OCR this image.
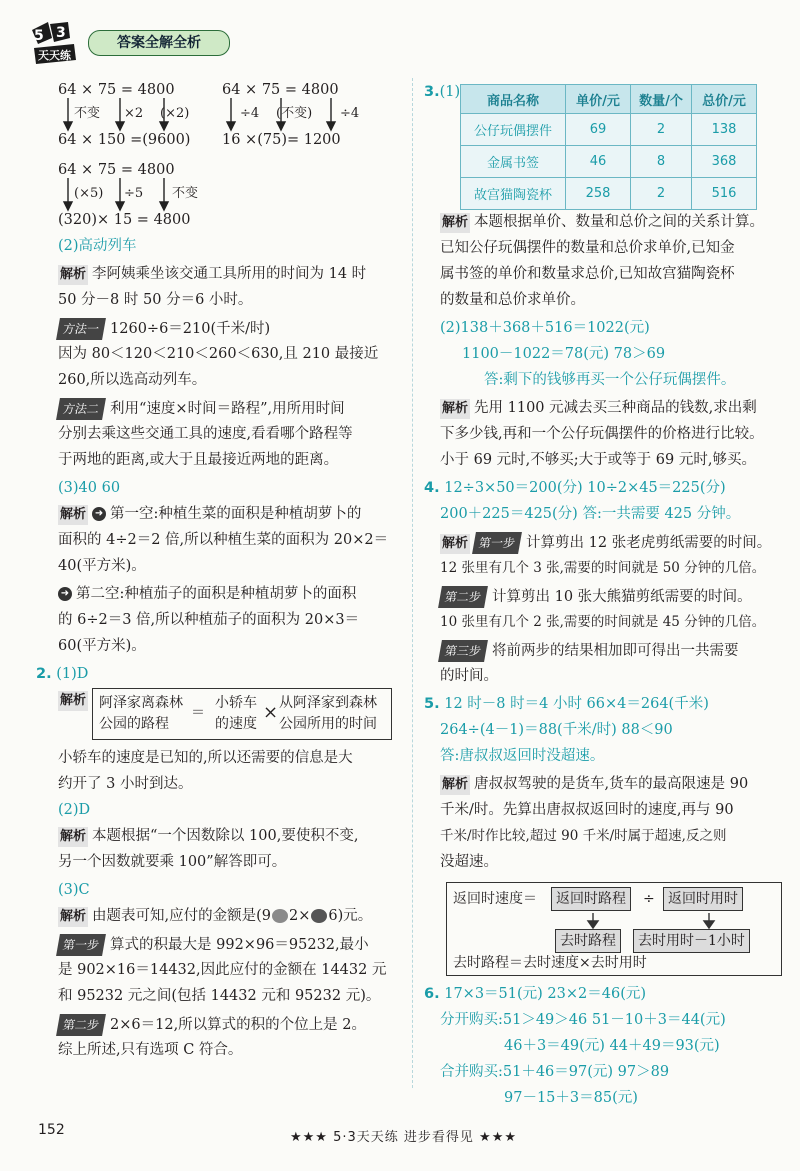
5 3
天天练
答案全解全析
64 × 75 = 4800
不变 ×2 (×2)
64 × 150 =(9600)
64 × 75 = 4800
÷4 (不变) ÷4
16 ×(75)= 1200
64 × 75 = 4800
(×5) ÷5 不变
(320)× 15 = 4800
(2)高动列车
解析 李阿姨乘坐该交通工具所用的时间为 14 时
50 分－8 时 50 分＝6 小时。
方法一 1260÷6＝210(千米/时)
因为 80＜120＜210＜260＜630,且 210 最接近
260,所以选高动列车。
方法二 利用“速度×时间＝路程”,用所用时间
分别去乘这些交通工具的速度,看看哪个路程等
于两地的距离,或大于且最接近两地的距离。
(3)40 60
解析 ➜ 第一空:种植生菜的面积是种植胡萝卜的
面积的 4÷2＝2 倍,所以种植生菜的面积为 20×2＝
40(平方米)。
➜ 第二空:种植茄子的面积是种植胡萝卜的面积
的 6÷2＝3 倍,所以种植茄子的面积为 20×3＝
60(平方米)。
2. (1)D
解析 阿泽家离森林
公园的路程
＝
小轿车
的速度
× 从阿泽家到森林
公园所用的时间
小轿车的速度是已知的,所以还需要的信息是大
约开了 3 小时到达。
(2)D
解析 本题根据“一个因数除以 100,要使积不变,
另一个因数就要乘 100”解答即可。
(3)C
解析 由题表可知,应付的金额是(9 2× 6)元。
第一步 算式的积最大是 992×96＝95232,最小
是 902×16＝14432,因此应付的金额在 14432 元
和 95232 元之间(包括 14432 元和 95232 元)。
第二步 2×6＝12,所以算式的积的个位上是 2。
综上所述,只有选项 C 符合。
3.(1)
商品名称	单价/元	数量/个	总价/元
公仔玩偶摆件	69	2	138
金属书签	46	8	368
故宫猫陶瓷杯	258	2	516
解析 本题根据单价、数量和总价之间的关系计算。
已知公仔玩偶摆件的数量和总价求单价,已知金
属书签的单价和数量求总价,已知故宫猫陶瓷杯
的数量和总价求单价。
(2)138＋368＋516＝1022(元)
1100－1022＝78(元) 78＞69
答:剩下的钱够再买一个公仔玩偶摆件。
解析 先用 1100 元减去买三种商品的钱数,求出剩
下多少钱,再和一个公仔玩偶摆件的价格进行比较。
小于 69 元时,不够买;大于或等于 69 元时,够买。
4. 12÷3×50＝200(分) 10÷2×45＝225(分)
200＋225＝425(分) 答:一共需要 425 分钟。
解析 第一步 计算剪出 12 张老虎剪纸需要的时间。
12 张里有几个 3 张,需要的时间就是 50 分钟的几倍。
第二步 计算剪出 10 张大熊猫剪纸需要的时间。
10 张里有几个 2 张,需要的时间就是 45 分钟的几倍。
第三步 将前两步的结果相加即可得出一共需要
的时间。
5. 12 时－8 时＝4 小时 66×4＝264(千米)
264÷(4－1)＝88(千米/时) 88＜90
答:唐叔叔返回时没超速。
解析 唐叔叔驾驶的是货车,货车的最高限速是 90
千米/时。先算出唐叔叔返回时的速度,再与 90
千米/时作比较,超过 90 千米/时属于超速,反之则
没超速。
返回时速度＝	返回时路程	÷ 返回时用时
去时路程	去时用时－1小时
去时路程＝去时速度×去时用时
6. 17×3＝51(元) 23×2＝46(元)
分开购买:51＞49＞46 51－10＋3＝44(元)
46＋3＝49(元) 44＋49＝93(元)
合并购买:51＋46＝97(元) 97＞89
97－15＋3＝85(元)
152	★★★ 5·3天天练 进步看得见 ★★★
